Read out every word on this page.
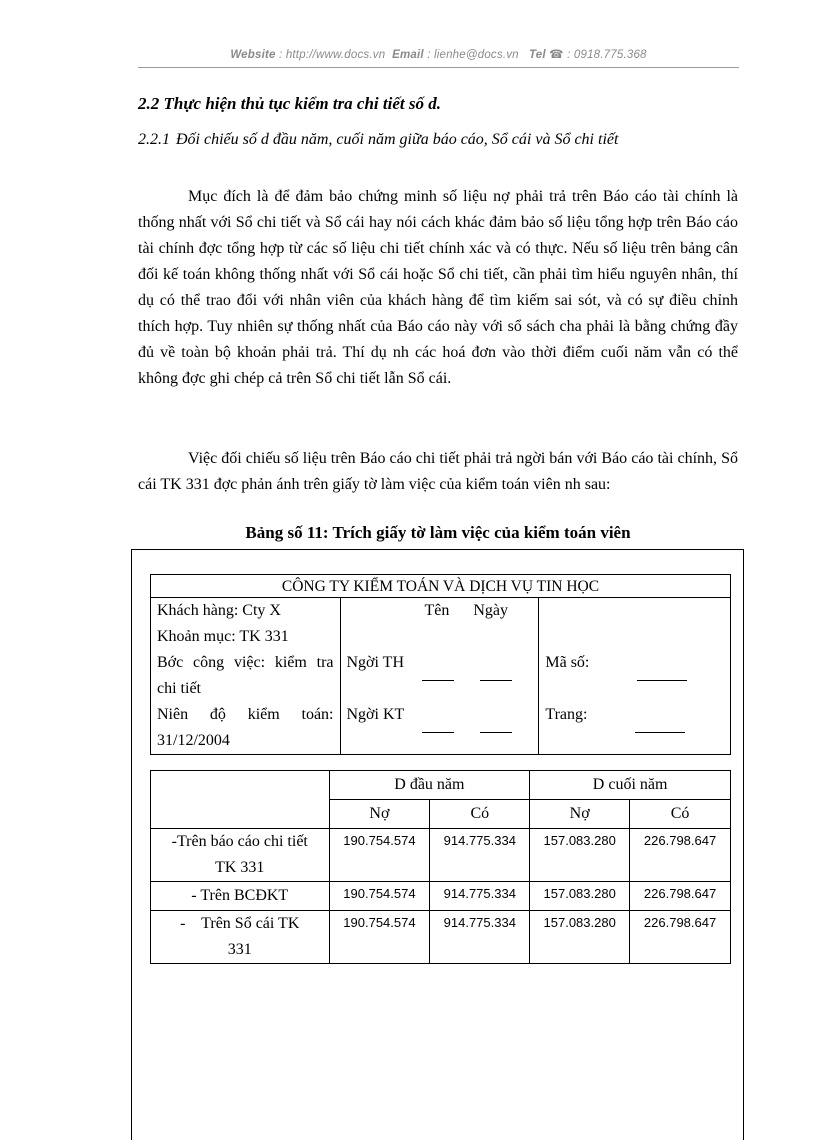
Website : http://www.docs.vn Email : lienhe@docs.vn Tel ☎ : 0918.775.368
2.2 Thực hiện thủ tục kiểm tra chi tiết số d.
2.2.1 Đối chiếu số d đầu năm, cuối năm giữa báo cáo, Sổ cái và Sổ chi tiết
Mục đích là để đảm bảo chứng minh số liệu nợ phải trả trên Báo cáo tài chính là thống nhất với Sổ chi tiết và Sổ cái hay nói cách khác đảm bảo số liệu tổng hợp trên Báo cáo tài chính đợc tổng hợp từ các số liệu chi tiết chính xác và có thực. Nếu số liệu trên bảng cân đối kế toán không thống nhất với Sổ cái hoặc Sổ chi tiết, cần phải tìm hiểu nguyên nhân, thí dụ có thể trao đổi với nhân viên của khách hàng để tìm kiếm sai sót, và có sự điều chỉnh thích hợp. Tuy nhiên sự thống nhất của Báo cáo này với sổ sách cha phải là bằng chứng đầy đủ về toàn bộ khoản phải trả. Thí dụ nh các hoá đơn vào thời điểm cuối năm vẫn có thể không đợc ghi chép cả trên Sổ chi tiết lẫn Sổ cái.
Việc đối chiếu số liệu trên Báo cáo chi tiết phải trả ngời bán với Báo cáo tài chính, Sổ cái TK 331 đợc phản ánh trên giấy tờ làm việc của kiểm toán viên nh sau:
Bảng số 11: Trích giấy tờ làm việc của kiểm toán viên
CÔNG TY KIỂM TOÁN VÀ DỊCH VỤ TIN HỌC		

Khách hàng: Cty X
Khoản mục: TK 331	Tên Ngày	
Bớc công việc: kiểm tra chi tiết	Ngời TH	Mã số:
Niên độ kiểm toán: 31/12/2004	Ngời KT	Trang:
	D đầu năm		D cuối năm	
	Nợ	Có	Nợ	Có
-Trên báo cáo chi tiết TK 331	190.754.574	914.775.334	157.083.280	226.798.647
- Trên BCĐKT	190.754.574	914.775.334	157.083.280	226.798.647
-    Trên Sổ cái TK 331	190.754.574	914.775.334	157.083.280	226.798.647
